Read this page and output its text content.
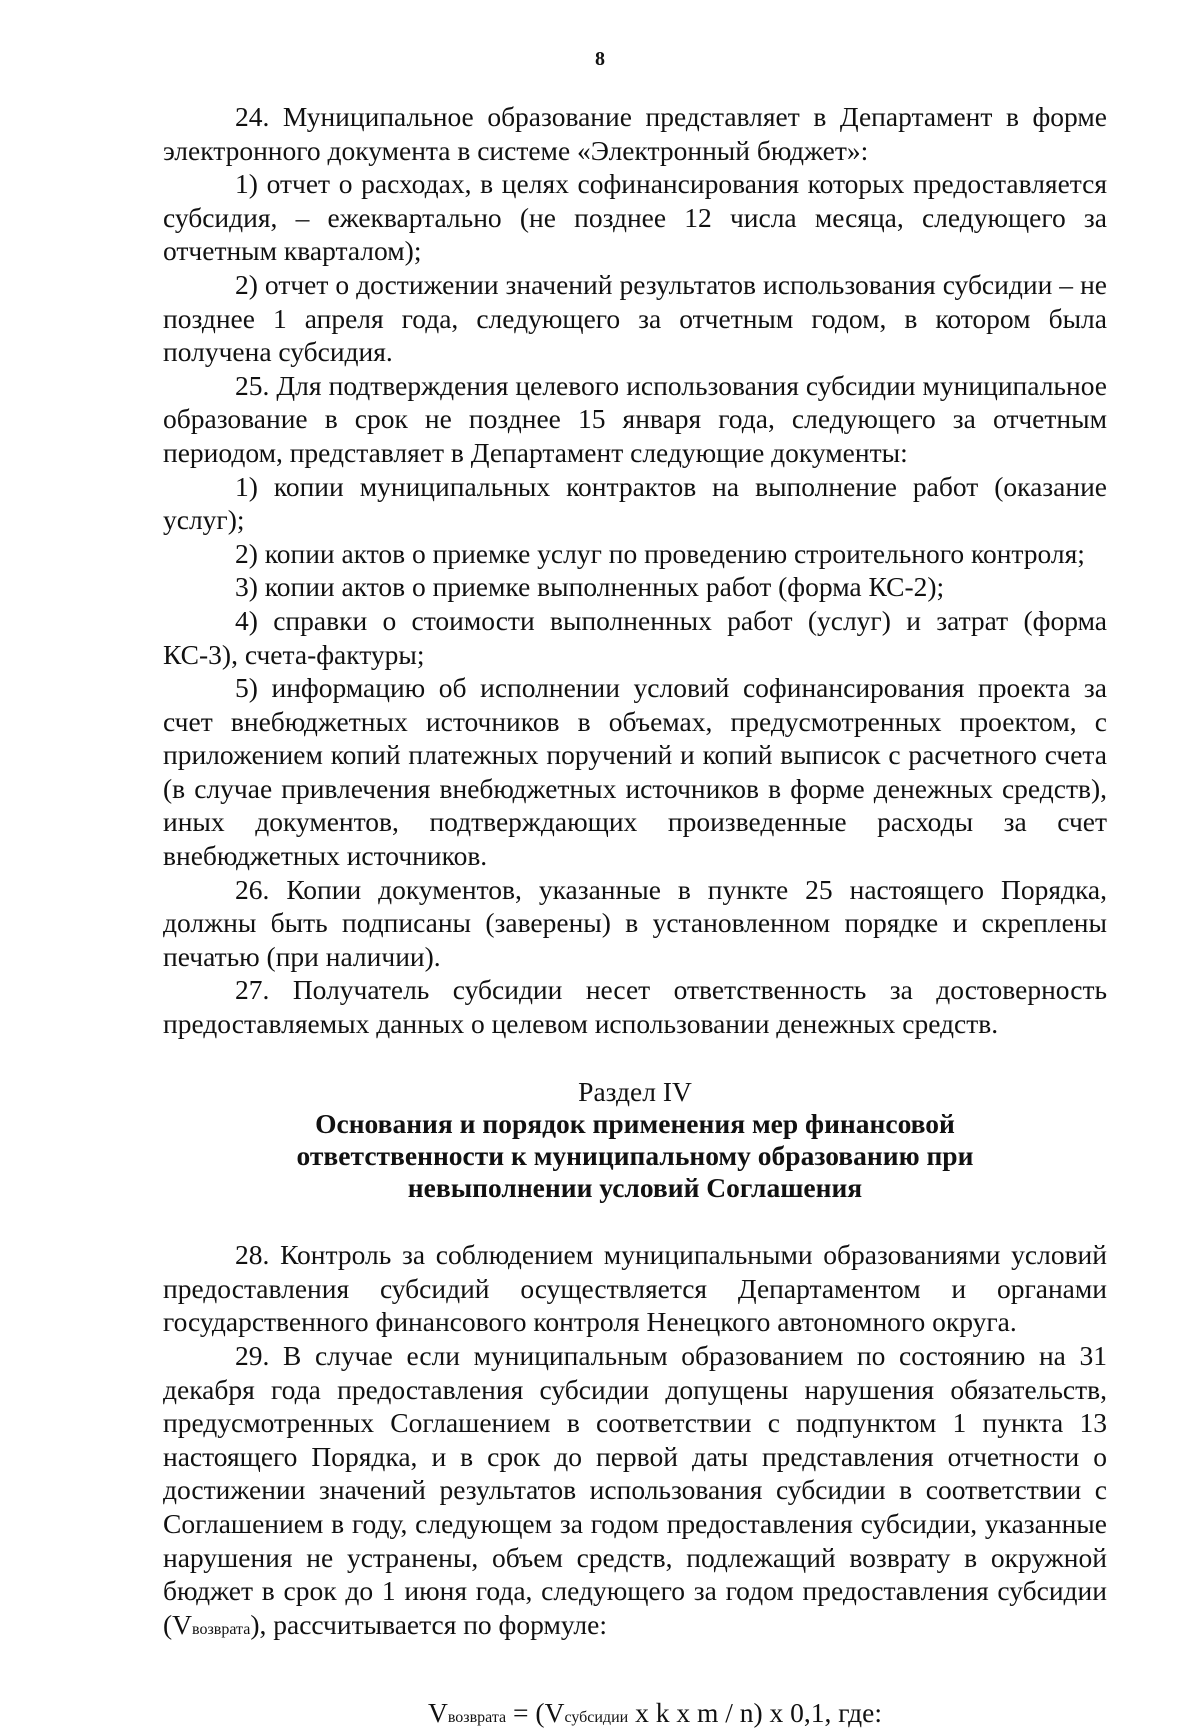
8

24. Муниципальное образование представляет в Департамент в форме электронного документа в системе «Электронный бюджет»:

1) отчет о расходах, в целях софинансирования которых предоставляется субсидия, – ежеквартально (не позднее 12 числа месяца, следующего за отчетным кварталом);

2) отчет о достижении значений результатов использования субсидии – не позднее 1 апреля года, следующего за отчетным годом, в котором была получена субсидия.

25. Для подтверждения целевого использования субсидии муниципальное образование в срок не позднее 15 января года, следующего за отчетным периодом, представляет в Департамент следующие документы:

1) копии муниципальных контрактов на выполнение работ (оказание услуг);

2) копии актов о приемке услуг по проведению строительного контроля;

3) копии актов о приемке выполненных работ (форма КС-2);

4) справки о стоимости выполненных работ (услуг) и затрат (форма КС-3), счета-фактуры;

5) информацию об исполнении условий софинансирования проекта за счет внебюджетных источников в объемах, предусмотренных проектом, с приложением копий платежных поручений и копий выписок с расчетного счета (в случае привлечения внебюджетных источников в форме денежных средств), иных документов, подтверждающих произведенные расходы за счет внебюджетных источников.

26. Копии документов, указанные в пункте 25 настоящего Порядка, должны быть подписаны (заверены) в установленном порядке и скреплены печатью (при наличии).

27. Получатель субсидии несет ответственность за достоверность предоставляемых данных о целевом использовании денежных средств.

Раздел IV

Основания и порядок применения мер финансовой ответственности к муниципальному образованию при невыполнении условий Соглашения

28. Контроль за соблюдением муниципальными образованиями условий предоставления субсидий осуществляется Департаментом и органами государственного финансового контроля Ненецкого автономного округа.

29. В случае если муниципальным образованием по состоянию на 31 декабря года предоставления субсидии допущены нарушения обязательств, предусмотренных Соглашением в соответствии с подпунктом 1 пункта 13 настоящего Порядка, и в срок до первой даты представления отчетности о достижении значений результатов использования субсидии в соответствии с Соглашением в году, следующем за годом предоставления субсидии, указанные нарушения не устранены, объем средств, подлежащий возврату в окружной бюджет в срок до 1 июня года, следующего за годом предоставления субсидии (Vвозврата), рассчитывается по формуле:

Vвозврата = (Vсубсидии x k x m / n) x 0,1, где:
